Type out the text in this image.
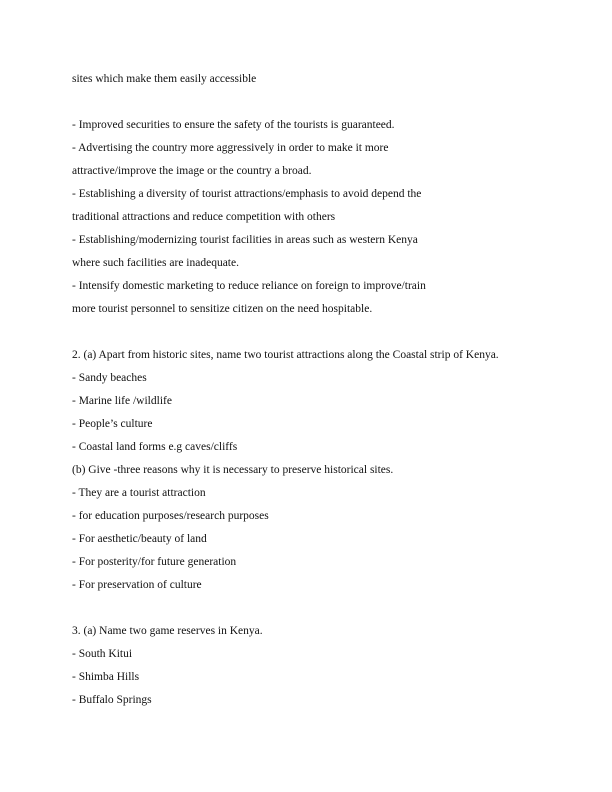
sites which make them easily accessible
- Improved securities to ensure the safety of the tourists is guaranteed.
- Advertising the country more aggressively in order to make it more
attractive/improve the image or the country a broad.
- Establishing a diversity of tourist attractions/emphasis to avoid depend the
traditional attractions and reduce competition with others
- Establishing/modernizing tourist facilities in areas such as western Kenya
where such facilities are inadequate.
- Intensify domestic marketing to reduce reliance on foreign to improve/train
more tourist personnel to sensitize citizen on the need hospitable.
2. (a) Apart from historic sites, name two tourist attractions along the Coastal strip of Kenya.
- Sandy beaches
- Marine life /wildlife
- People’s culture
- Coastal land forms e.g caves/cliffs
(b) Give -three reasons why it is necessary to preserve historical sites.
- They are a tourist attraction
- for education purposes/research purposes
- For aesthetic/beauty of land
- For posterity/for future generation
- For preservation of culture
3. (a) Name two game reserves in Kenya.
- South Kitui
- Shimba Hills
- Buffalo Springs
